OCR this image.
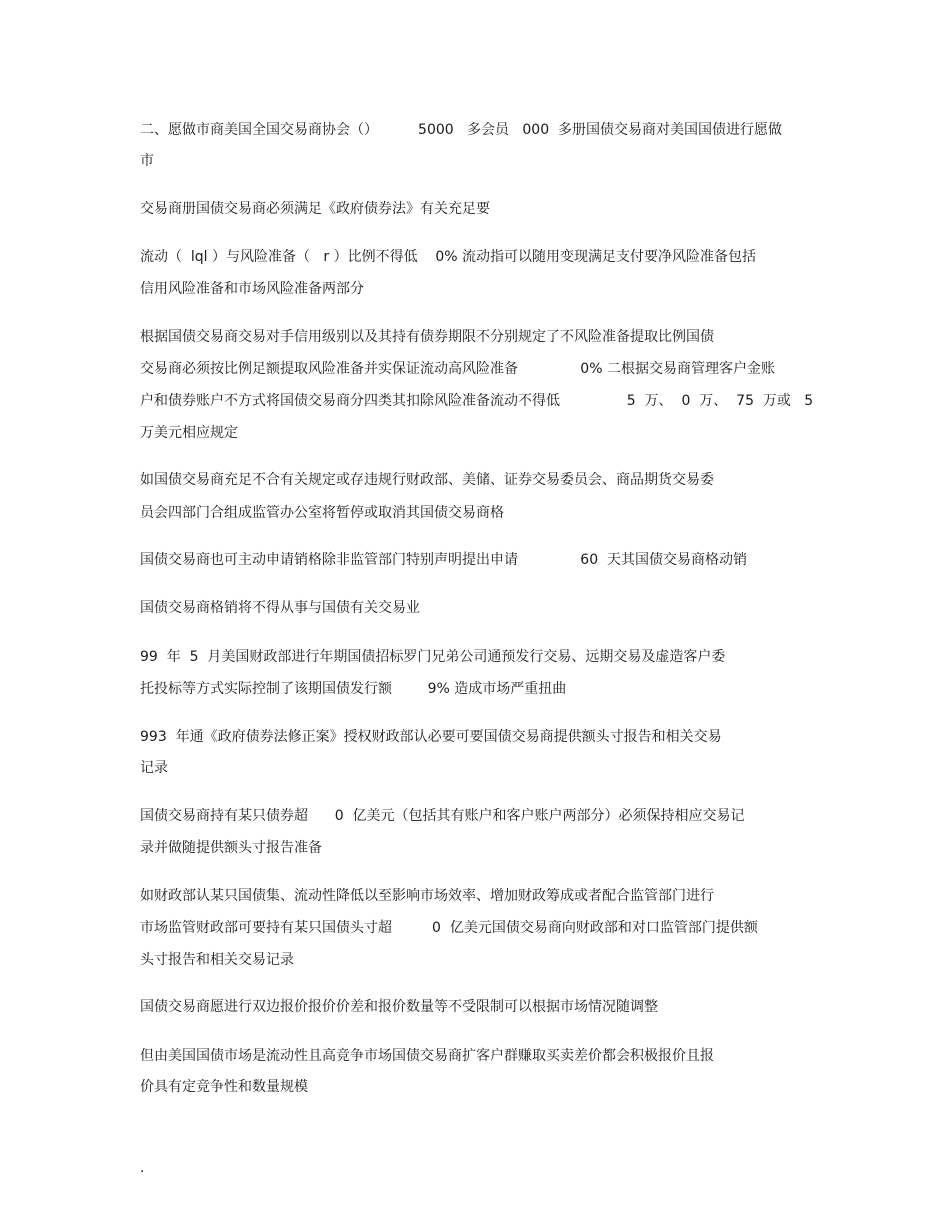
二、愿做市商美国全国交易商协会（）         5000   多会员   000  多册国债交易商对美国国债进行愿做
市
交易商册国债交易商必须满足《政府债券法》有关充足要
流动（  lql ）与风险准备（   r ）比例不得低    0% 流动指可以随用变现满足支付要净风险准备包括
信用风险准备和市场风险准备两部分
根据国债交易商交易对手信用级别以及其持有债券期限不分别规定了不风险准备提取比例国债
交易商必须按比例足额提取风险准备并实保证流动高风险准备              0% 二根据交易商管理客户金账
户和债券账户不方式将国债交易商分四类其扣除风险准备流动不得低               5  万、  0  万、  75  万或   5
万美元相应规定
如国债交易商充足不合有关规定或存违规行财政部、美储、证券交易委员会、商品期货交易委
员会四部门合组成监管办公室将暂停或取消其国债交易商格
国债交易商也可主动申请销格除非监管部门特别声明提出申请              60  天其国债交易商格动销
国债交易商格销将不得从事与国债有关交易业
99  年  5  月美国财政部进行年期国债招标罗门兄弟公司通预发行交易、远期交易及虚造客户委
托投标等方式实际控制了该期国债发行额        9% 造成市场严重扭曲
993  年通《政府债券法修正案》授权财政部认必要可要国债交易商提供额头寸报告和相关交易
记录
国债交易商持有某只债券超      0  亿美元（包括其有账户和客户账户两部分）必须保持相应交易记
录并做随提供额头寸报告准备
如财政部认某只国债集、流动性降低以至影响市场效率、增加财政筹成或者配合监管部门进行
市场监管财政部可要持有某只国债头寸超         0  亿美元国债交易商向财政部和对口监管部门提供额
头寸报告和相关交易记录
国债交易商愿进行双边报价报价价差和报价数量等不受限制可以根据市场情况随调整
但由美国国债市场是流动性且高竞争市场国债交易商扩客户群赚取买卖差价都会积极报价且报
价具有定竞争性和数量规模
.
